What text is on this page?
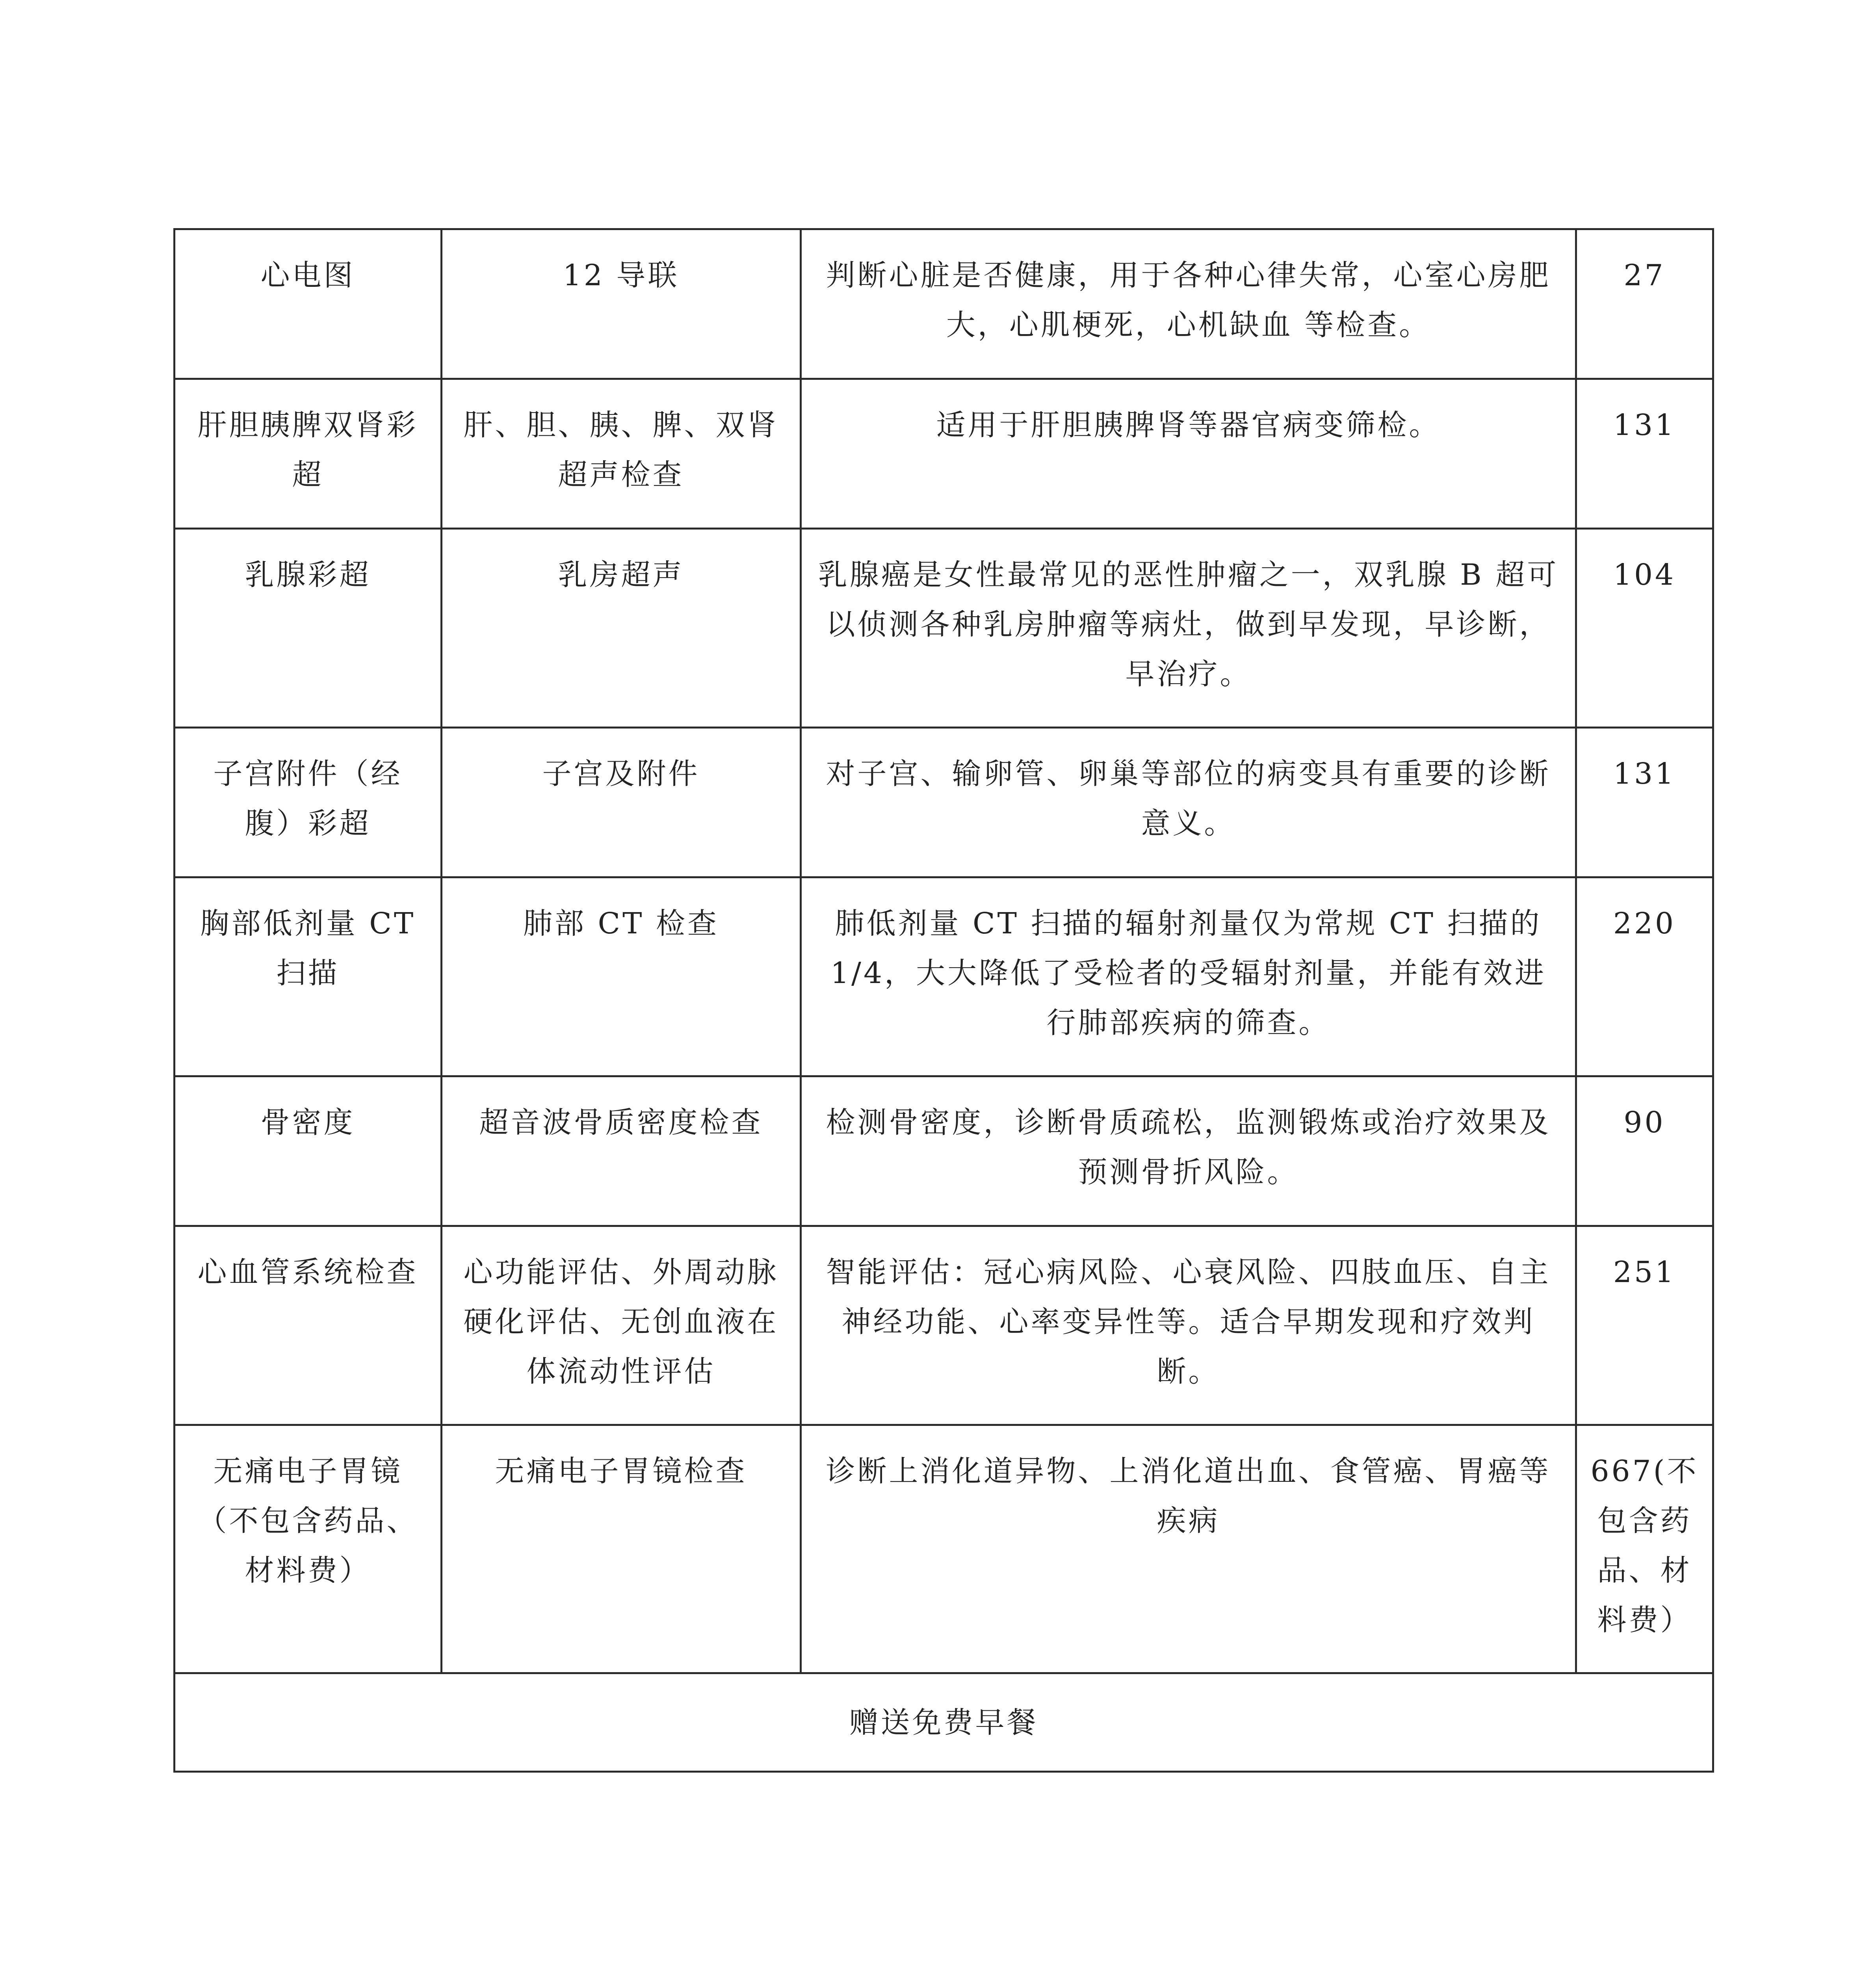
心电图	12 导联	判断心脏是否健康，用于各种心律失常，心室心房肥大，心肌梗死，心机缺血 等检查。	27
肝胆胰脾双肾彩超	肝、胆、胰、脾、双肾超声检查	适用于肝胆胰脾肾等器官病变筛检。	131
乳腺彩超	乳房超声	乳腺癌是女性最常见的恶性肿瘤之一，双乳腺 B 超可以侦测各种乳房肿瘤等病灶，做到早发现，早诊断，早治疗。	104
子宫附件（经腹）彩超	子宫及附件	对子宫、输卵管、卵巢等部位的病变具有重要的诊断意义。	131
胸部低剂量 CT 扫描	肺部 CT 检查	肺低剂量 CT 扫描的辐射剂量仅为常规 CT 扫描的 1/4，大大降低了受检者的受辐射剂量，并能有效进行肺部疾病的筛查。	220
骨密度	超音波骨质密度检查	检测骨密度，诊断骨质疏松，监测锻炼或治疗效果及预测骨折风险。	90
心血管系统检查	心功能评估、外周动脉硬化评估、无创血液在体流动性评估	智能评估：冠心病风险、心衰风险、四肢血压、自主神经功能、心率变异性等。适合早期发现和疗效判断。	251
无痛电子胃镜（不包含药品、材料费）	无痛电子胃镜检查	诊断上消化道异物、上消化道出血、食管癌、胃癌等疾病	667(不包含药品、材料费）
赠送免费早餐			
